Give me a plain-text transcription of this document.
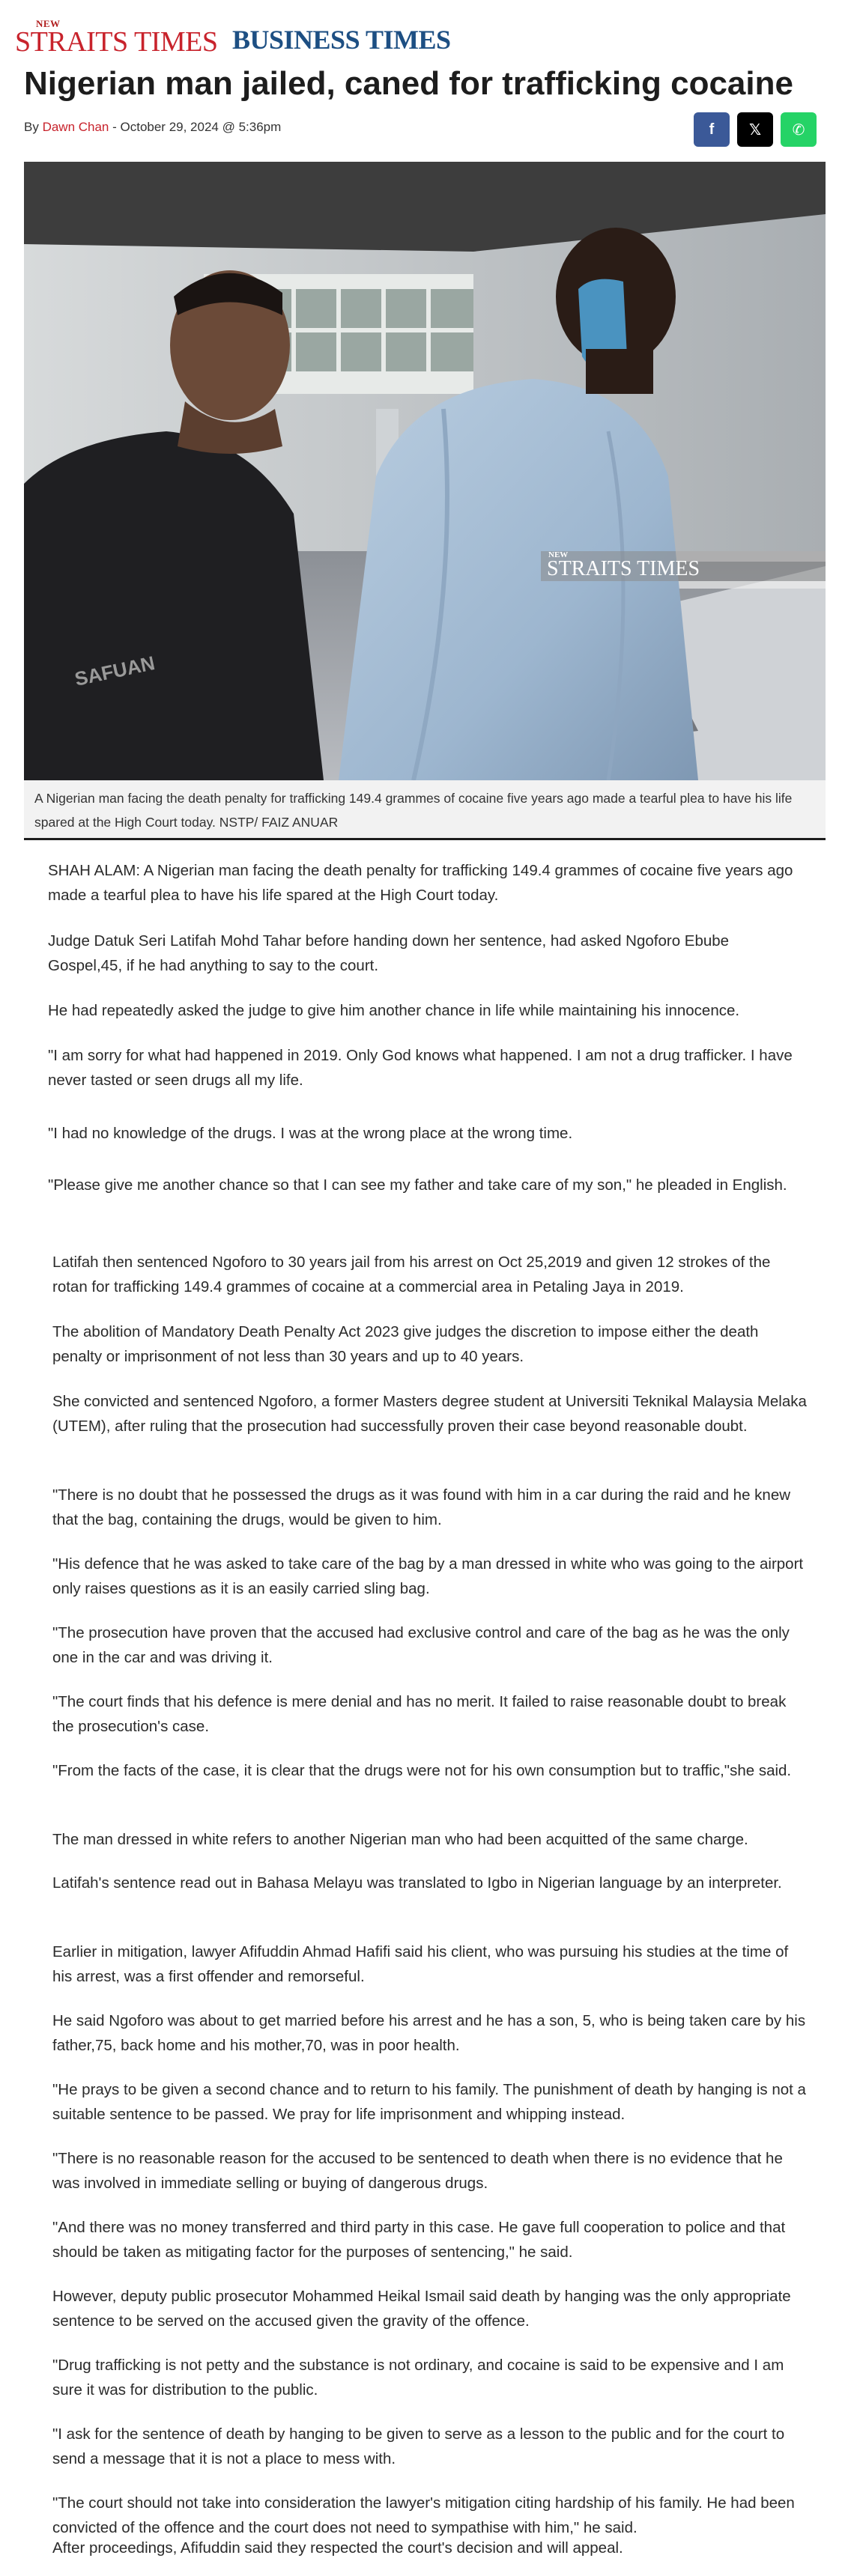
NEW
STRAITS TIMES BUSINESS TIMES
Nigerian man jailed, caned for trafficking cocaine
By Dawn Chan - October 29, 2024 @ 5:36pm	f 𝕏 ✆
SAFUAN
NEW
STRAITS TIMES
A Nigerian man facing the death penalty for trafficking 149.4 grammes of cocaine five years ago made a tearful plea to have his life spared at the High Court today. NSTP/ FAIZ ANUAR

SHAH ALAM: A Nigerian man facing the death penalty for trafficking 149.4 grammes of cocaine five years ago made a tearful plea to have his life spared at the High Court today.

Judge Datuk Seri Latifah Mohd Tahar before handing down her sentence, had asked Ngoforo Ebube Gospel,45, if he had anything to say to the court.

He had repeatedly asked the judge to give him another chance in life while maintaining his innocence.

"I am sorry for what had happened in 2019. Only God knows what happened. I am not a drug trafficker. I have never tasted or seen drugs all my life.

"I had no knowledge of the drugs. I was at the wrong place at the wrong time.

"Please give me another chance so that I can see my father and take care of my son," he pleaded in English.

Latifah then sentenced Ngoforo to 30 years jail from his arrest on Oct 25,2019 and given 12 strokes of the rotan for trafficking 149.4 grammes of cocaine at a commercial area in Petaling Jaya in 2019.

The abolition of Mandatory Death Penalty Act 2023 give judges the discretion to impose either the death penalty or imprisonment of not less than 30 years and up to 40 years.

She convicted and sentenced Ngoforo, a former Masters degree student at Universiti Teknikal Malaysia Melaka (UTEM), after ruling that the prosecution had successfully proven their case beyond reasonable doubt.

"There is no doubt that he possessed the drugs as it was found with him in a car during the raid and he knew that the bag, containing the drugs, would be given to him.

"His defence that he was asked to take care of the bag by a man dressed in white who was going to the airport only raises questions as it is an easily carried sling bag.

"The prosecution have proven that the accused had exclusive control and care of the bag as he was the only one in the car and was driving it.

"The court finds that his defence is mere denial and has no merit. It failed to raise reasonable doubt to break the prosecution's case.

"From the facts of the case, it is clear that the drugs were not for his own consumption but to traffic,"she said.

The man dressed in white refers to another Nigerian man who had been acquitted of the same charge.

Latifah's sentence read out in Bahasa Melayu was translated to Igbo in Nigerian language by an interpreter.

Earlier in mitigation, lawyer Afifuddin Ahmad Hafifi said his client, who was pursuing his studies at the time of his arrest, was a first offender and remorseful.

He said Ngoforo was about to get married before his arrest and he has a son, 5, who is being taken care by his father,75, back home and his mother,70, was in poor health.

"He prays to be given a second chance and to return to his family. The punishment of death by hanging is not a suitable sentence to be passed. We pray for life imprisonment and whipping instead.

"There is no reasonable reason for the accused to be sentenced to death when there is no evidence that he was involved in immediate selling or buying of dangerous drugs.

"And there was no money transferred and third party in this case. He gave full cooperation to police and that should be taken as mitigating factor for the purposes of sentencing," he said.

However, deputy public prosecutor Mohammed Heikal Ismail said death by hanging was the only appropriate sentence to be served on the accused given the gravity of the offence.

"Drug trafficking is not petty and the substance is not ordinary, and cocaine is said to be expensive and I am sure it was for distribution to the public.

"I ask for the sentence of death by hanging to be given to serve as a lesson to the public and for the court to send a message that it is not a place to mess with.

"The court should not take into consideration the lawyer's mitigation citing hardship of his family. He had been convicted of the offence and the court does not need to sympathise with him," he said.

After proceedings, Afifuddin said they respected the court's decision and will appeal.
